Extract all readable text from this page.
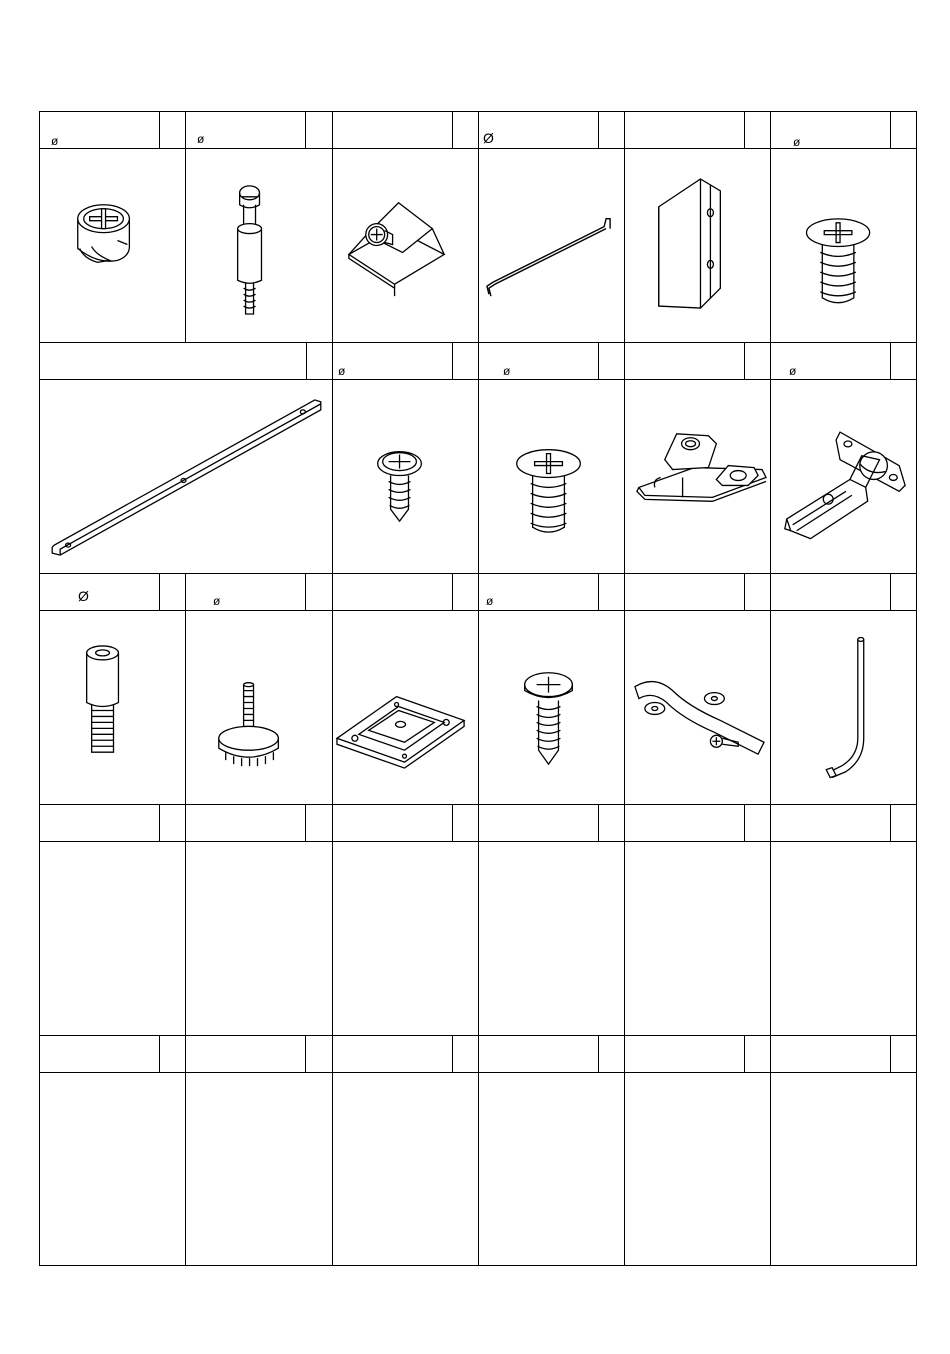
ø	ø	Ø	ø
ø	ø	ø
Ø	ø	ø
